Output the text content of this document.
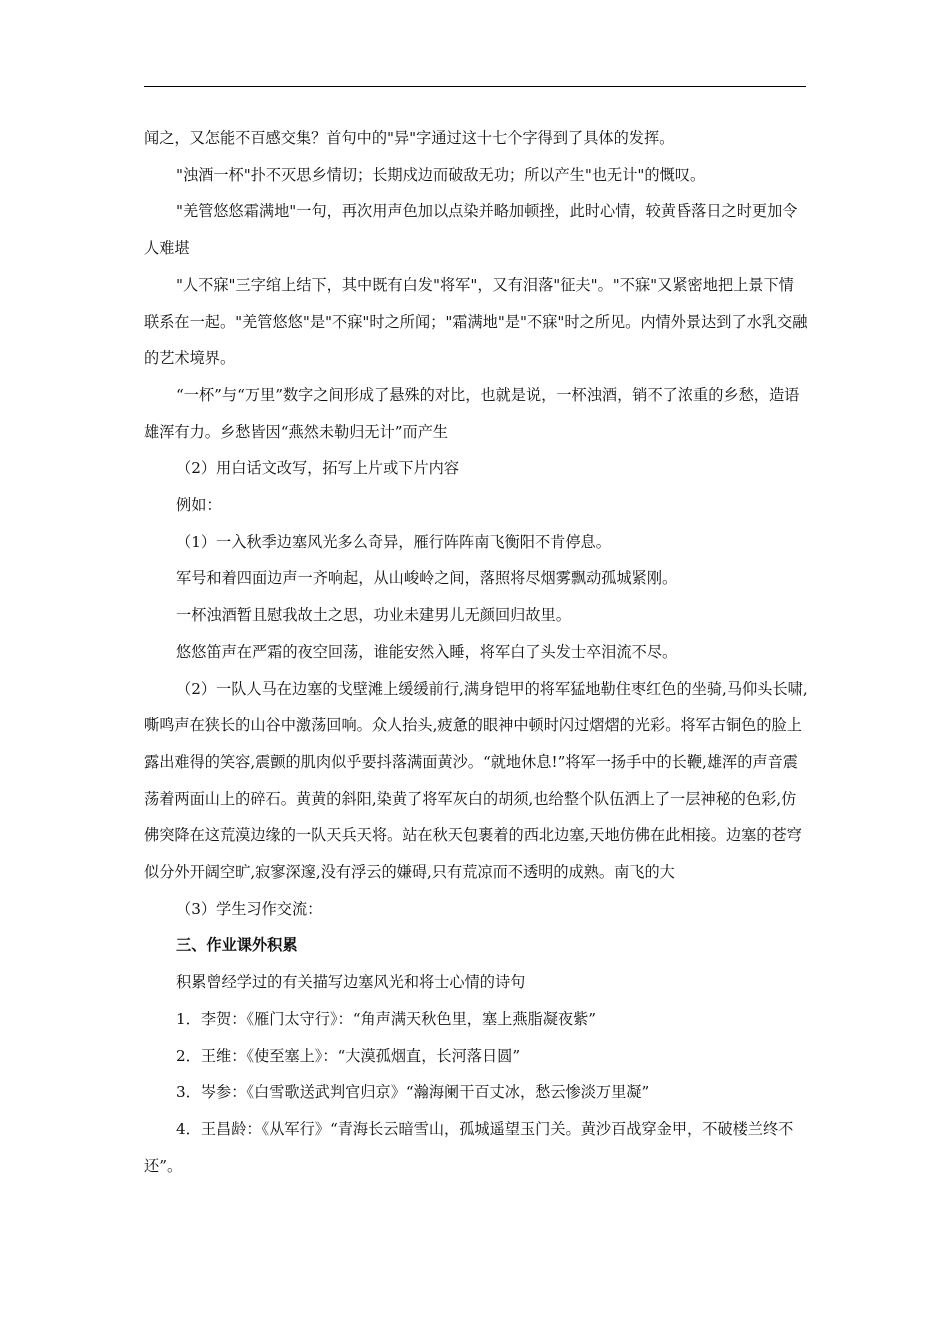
闻之，又怎能不百感交集？首句中的"异"字通过这十七个字得到了具体的发挥。

"浊酒一杯"扑不灭思乡情切；长期戍边而破敌无功；所以产生"也无计"的慨叹。

"羌管悠悠霜满地"一句，再次用声色加以点染并略加顿挫，此时心情，较黄昏落日之时更加令人难堪

"人不寐"三字绾上结下，其中既有白发"将军"，又有泪落"征夫"。"不寐"又紧密地把上景下情联系在一起。"羌管悠悠"是"不寐"时之所闻；"霜满地"是"不寐"时之所见。内情外景达到了水乳交融的艺术境界。

“一杯”与“万里”数字之间形成了悬殊的对比，也就是说，一杯浊酒，销不了浓重的乡愁，造语雄浑有力。乡愁皆因“燕然未勒归无计”而产生

（2）用白话文改写，拓写上片或下片内容

例如：

（1）一入秋季边塞风光多么奇异，雁行阵阵南飞衡阳不肯停息。

军号和着四面边声一齐响起，从山峻岭之间，落照将尽烟雾飘动孤城紧刚。

一杯浊酒暂且慰我故土之思，功业未建男儿无颜回归故里。

悠悠笛声在严霜的夜空回荡，谁能安然入睡，将军白了头发士卒泪流不尽。

（2）一队人马在边塞的戈壁滩上缓缓前行,满身铠甲的将军猛地勒住枣红色的坐骑,马仰头长啸,嘶鸣声在狭长的山谷中激荡回响。众人抬头,疲惫的眼神中顿时闪过熠熠的光彩。将军古铜色的脸上露出难得的笑容,震颤的肌肉似乎要抖落满面黄沙。“就地休息!”将军一扬手中的长鞭,雄浑的声音震荡着两面山上的碎石。黄黄的斜阳,染黄了将军灰白的胡须,也给整个队伍洒上了一层神秘的色彩,仿佛突降在这荒漠边缘的一队天兵天将。站在秋天包裹着的西北边塞,天地仿佛在此相接。边塞的苍穹似分外开阔空旷,寂寥深邃,没有浮云的嫌碍,只有荒凉而不透明的成熟。南飞的大

（3）学生习作交流：

三、作业课外积累

积累曾经学过的有关描写边塞风光和将士心情的诗句

1．李贺：《雁门太守行》：“角声满天秋色里，塞上燕脂凝夜紫”

2．王维：《使至塞上》：“大漠孤烟直，长河落日圆”

3．岑参：《白雪歌送武判官归京》“瀚海阑干百丈冰，愁云惨淡万里凝”

4．王昌龄：《从军行》“青海长云暗雪山，孤城遥望玉门关。黄沙百战穿金甲，不破楼兰终不还”。
